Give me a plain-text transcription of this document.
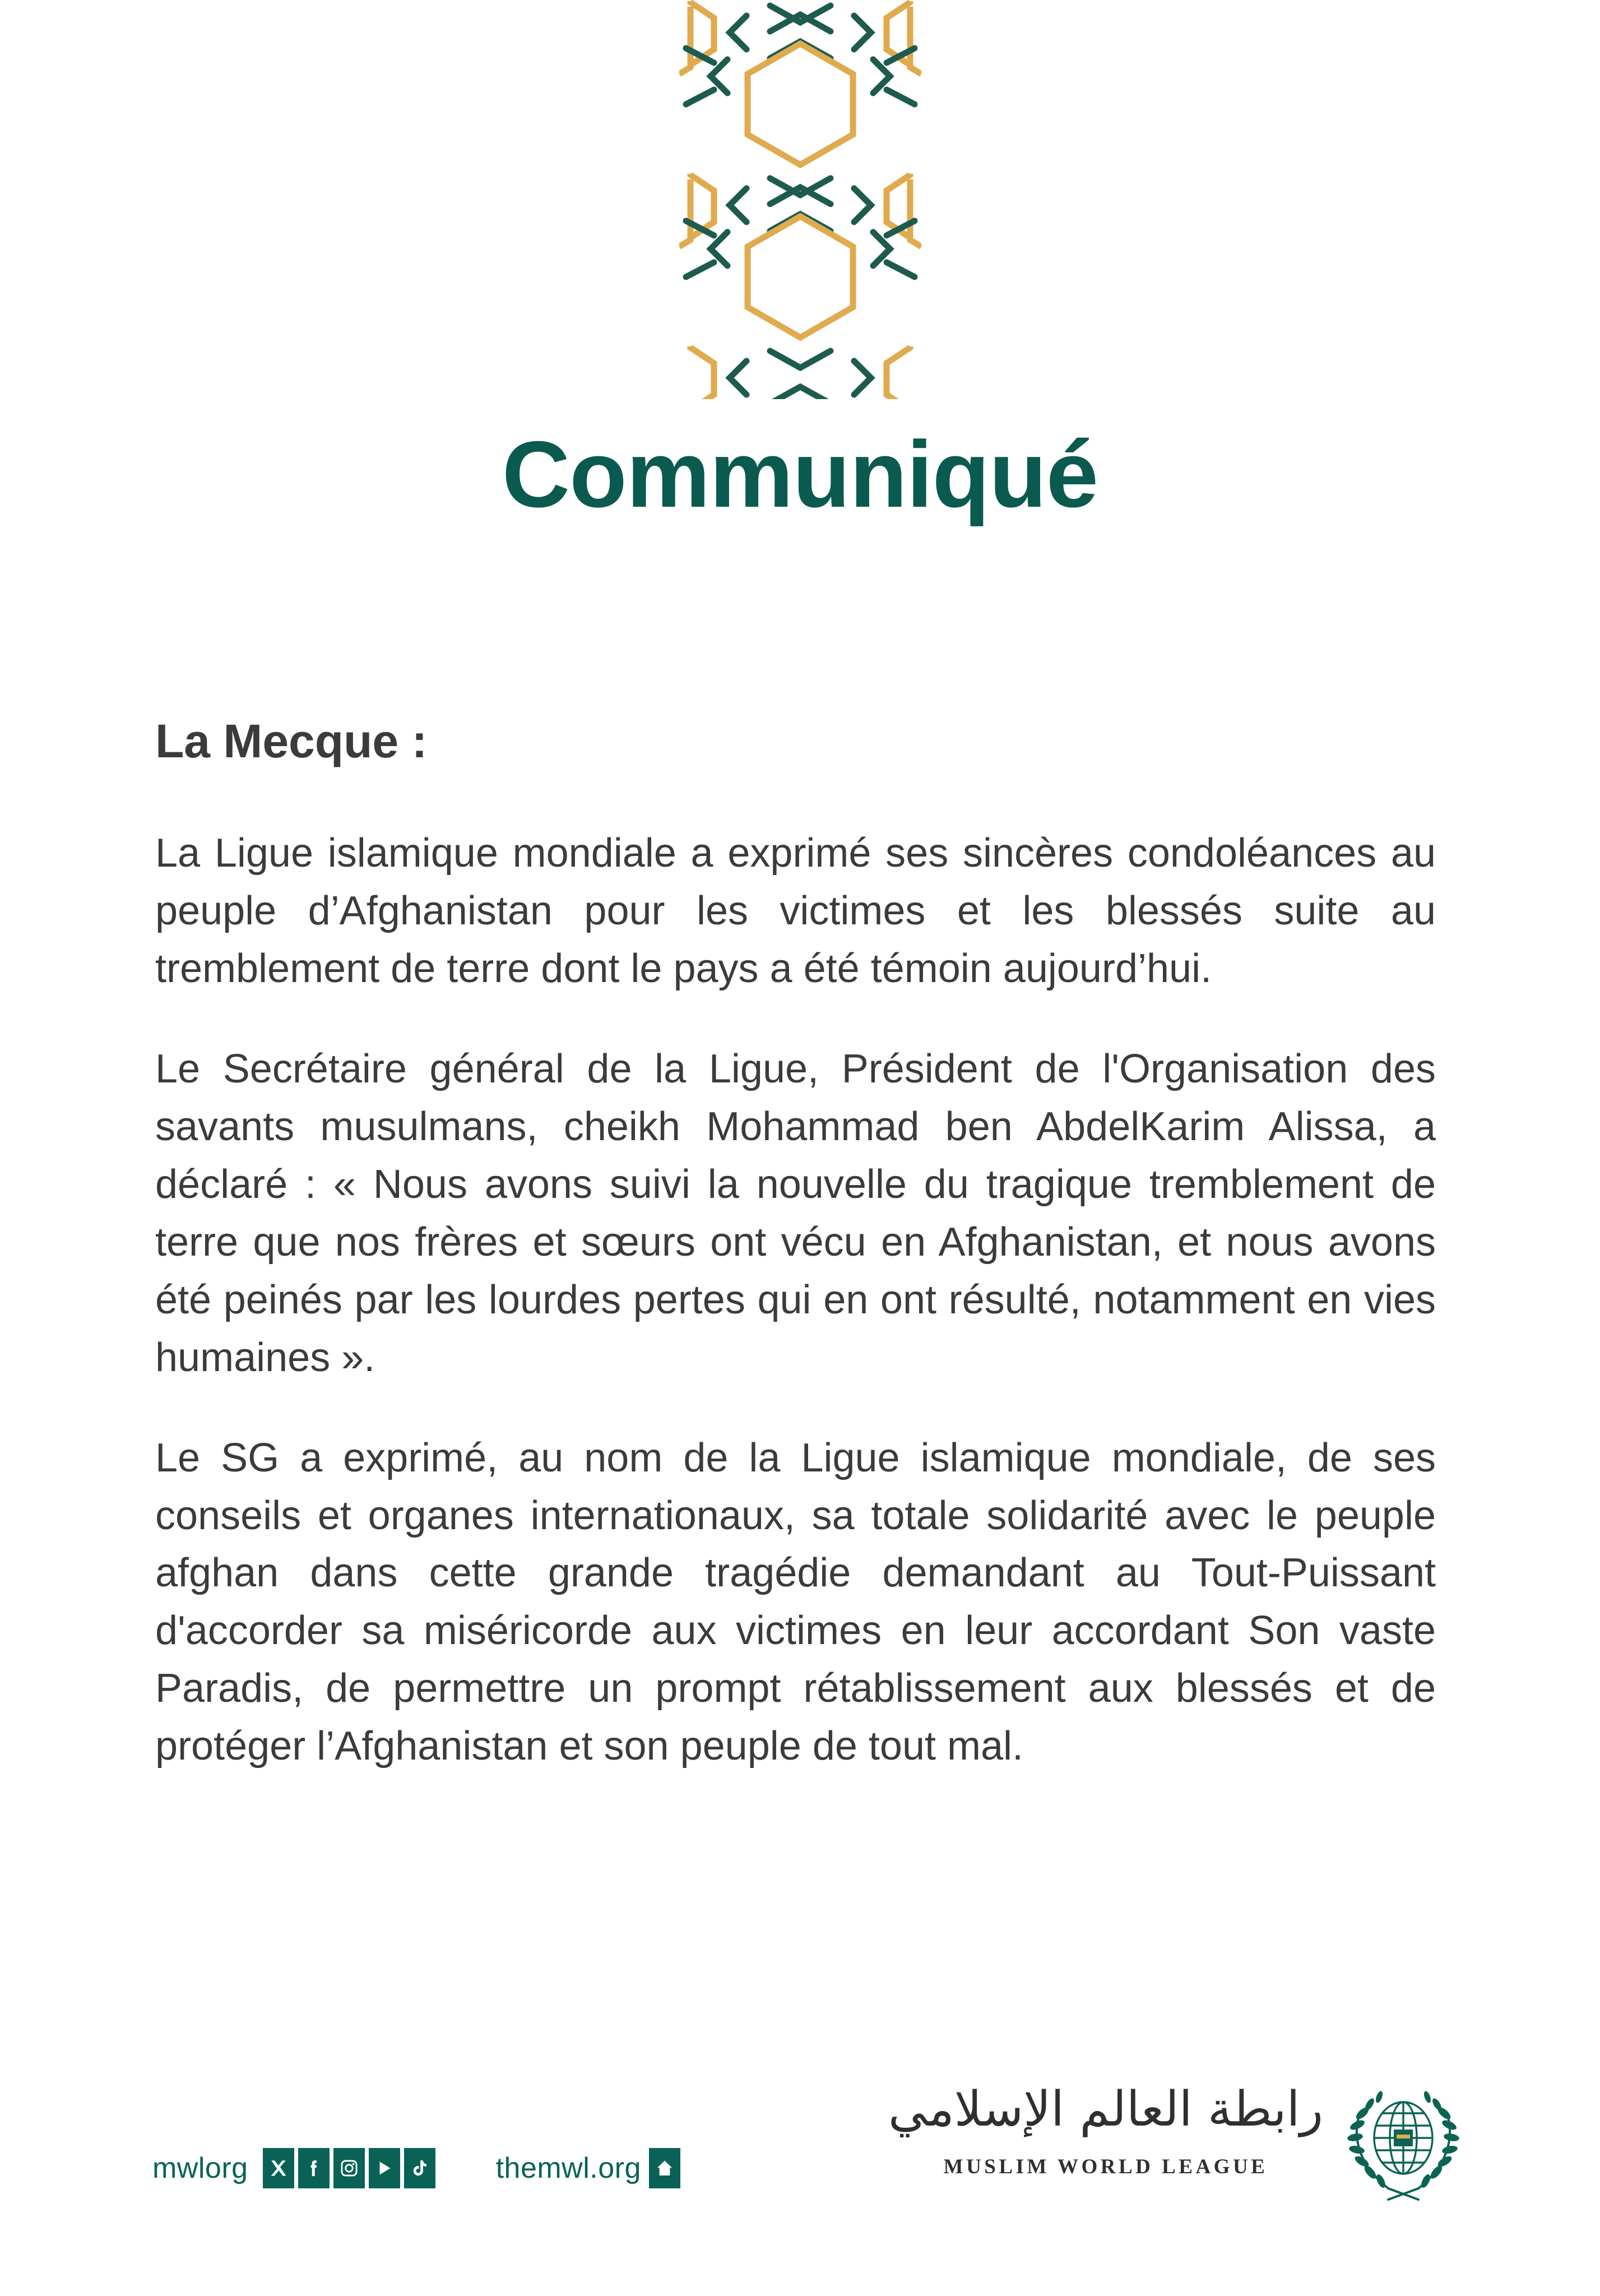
Communiqué
La Mecque :

La Ligue islamique mondiale a exprimé ses sincères condoléances au peuple d’Afghanistan pour les victimes et les blessés suite au tremblement de terre dont le pays a été témoin aujourd’hui.

Le Secrétaire général de la Ligue, Président de l'Organisation des savants musulmans, cheikh Mohammad ben AbdelKarim Alissa, a déclaré : « Nous avons suivi la nouvelle du tragique tremblement de terre que nos frères et sœurs ont vécu en Afghanistan, et nous avons été peinés par les lourdes pertes qui en ont résulté, notamment en vies humaines ».

Le SG a exprimé, au nom de la Ligue islamique mondiale, de ses conseils et organes internationaux, sa totale solidarité avec le peuple afghan dans cette grande tragédie demandant au Tout-Puissant d'accorder sa miséricorde aux victimes en leur accordant Son vaste Paradis, de permettre un prompt rétablissement aux blessés et de protéger l’Afghanistan et son peuple de tout mal.

mwlorg	themwl.org
رابطة العالم الإسلامي
MUSLIM WORLD LEAGUE
